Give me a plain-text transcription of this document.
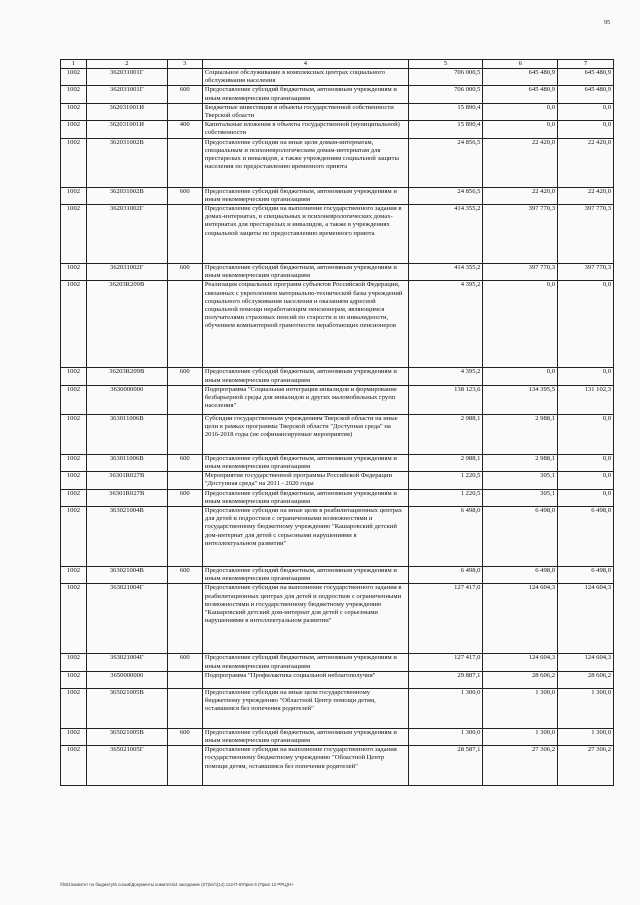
95
1	2	3	4	5	6	7
1002	362031001Г		Социальное обслуживание в комплексных центрах социального обслуживания населения	706 000,5	645 480,9	645 480,9
1002	362031001Г	600	Предоставление субсидий бюджетным, автономным учреждениям и иным некоммерческим организациям	706 000,5	645 480,9	645 480,9
1002	362031001И		Бюджетные инвестиции в объекты государственной собственности Тверской области	15 890,4	0,0	0,0
1002	362031001И	400	Капитальные вложения в объекты государственной (муниципальной) собственности	15 890,4	0,0	0,0
1002	362031002В		Предоставление субсидии на иные цели домам-интернатам, специальным и психоневрологическим домам-интернатам для престарелых и инвалидов, а также учреждениям социальной защиты населения по предоставлению временного приюта	24 856,5	22 420,0	22 420,0
1002	362031002В	600	Предоставление субсидий бюджетным, автономным учреждениям и иным некоммерческим организациям	24 856,5	22 420,0	22 420,0
1002	362031002Г		Предоставление субсидии на выполнение государственного задания в домах-интернатах, в специальных и психоневрологических домах-интернатах для престарелых и инвалидов, а также в учреждениях социальной защиты по предоставлению временного приюта	414 355,2	397 770,3	397 770,3
1002	362031002Г	600	Предоставление субсидий бюджетным, автономным учреждениям и иным некоммерческим организациям	414 355,2	397 770,3	397 770,3
1002	36203R209В		Реализация социальных программ субъектов Российской Федерации, связанных с укреплением материально-технической базы учреждений социального обслуживания населения и оказанием адресной социальной помощи неработающим пенсионерам, являющимся получателями страховых пенсий по старости и по инвалидности, обучением компьютерной грамотности неработающих пенсионеров	4 395,2	0,0	0,0
1002	36203R209В	600	Предоставление субсидий бюджетным, автономным учреждениям и иным некоммерческим организациям	4 395,2	0,0	0,0
1002	3630000000		Подпрограмма "Социальная интеграция инвалидов и формирование безбарьерной среды для инвалидов и других маломобильных групп населения"	138 123,6	134 395,5	131 102,3
1002	363011006В		Субсидии государственным учреждениям Тверской области на иные цели в рамках программы Тверской области "Доступная среда" на 2016-2018 годы (не софинансируемые мероприятия)	2 988,1	2 988,1	0,0
1002	363011006В	600	Предоставление субсидий бюджетным, автономным учреждениям и иным некоммерческим организациям	2 988,1	2 988,1	0,0
1002	36301R027В		Мероприятия государственной программы Российской Федерации "Доступная среда" на 2011 - 2020 годы	1 220,5	305,1	0,0
1002	36301R027В	600	Предоставление субсидий бюджетным, автономным учреждениям и иным некоммерческим организациям	1 220,5	305,1	0,0
1002	363021004В		Предоставление субсидии на иные цели в реабилитационных центрах для детей и подростков с ограниченными возможностями и государственному бюджетному учреждению "Кашаровский детский дом-интернат для детей с серьезными нарушениями в интеллектуальном развитии"	6 498,0	6 498,0	6 498,0
1002	363021004В	600	Предоставление субсидий бюджетным, автономным учреждениям и иным некоммерческим организациям	6 498,0	6 498,0	6 498,0
1002	363021004Г		Предоставление субсидии на выполнение государственного задания в реабилитационных центрах для детей и подростков с ограниченными возможностями и государственному бюджетному учреждению "Кашаровский детский дом-интернат для детей с серьезными нарушениями в интеллектуальном развитии"	127 417,0	124 604,3	124 604,3
1002	363021004Г	600	Предоставление субсидий бюджетным, автономным учреждениям и иным некоммерческим организациям	127 417,0	124 604,3	124 604,3
1002	3650000000		Подпрограмма "Профилактика социальной неблагополучия"	29 887,1	28 606,2	28 606,2
1002	365021005В		Предоставление субсидии на иные цели государственному бюджетному учреждению "Областной Центр помощи детям, оставшимся без попечения родителей"	1 300,0	1 300,0	1 300,0
1002	365021005В	600	Предоставление субсидий бюджетным, автономным учреждениям и иным некоммерческим организациям	1 300,0	1 300,0	1 300,0
1002	365021005Г		Предоставление субсидии на выполнение государственного задания государственному бюджетному учреждению "Областной Центр помощи детям, оставшимся без попечения родителей"	28 587,1	27 306,2	27 306,2
\\fs01\комитет по бюджету\6 созыв\Документы комитета\4 заседание (07)\к\с\(14) 112-П-6\Прил 6 (Прил 12 РРЦ)Н+
